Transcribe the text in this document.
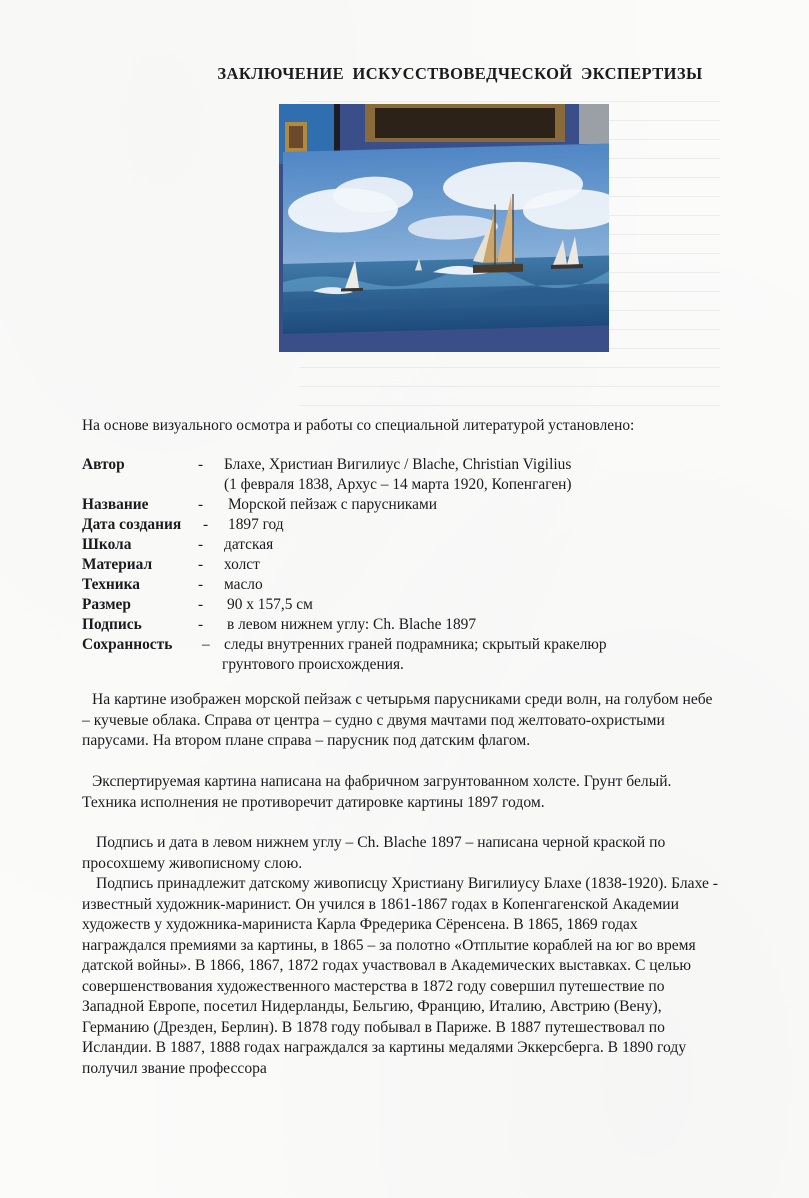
ЗАКЛЮЧЕНИЕ ИСКУССТВОВЕДЧЕСКОЙ ЭКСПЕРТИЗЫ

На основе визуального осмотра и работы со специальной литературой установлено:

Автор	- Блахе, Христиан Вигилиус / Blache, Christian Vigilius
(1 февраля 1838, Архус – 14 марта 1920, Копенгаген)
Название	- Морской пейзаж с парусниками
Дата создания - 1897 год
Школа	- датская
Материал	- холст
Техника	- масло
Размер	- 90 х 157,5 см
Подпись	- в левом нижнем углу: Ch. Blache 1897
Сохранность – следы внутренних граней подрамника; скрытый кракелюр
грунтового происхождения.

На картине изображен морской пейзаж с четырьмя парусниками среди волн, на голубом небе – кучевые облака. Справа от центра – судно с двумя мачтами под желтовато-охристыми парусами. На втором плане справа – парусник под датским флагом.

Экспертируемая картина написана на фабричном загрунтованном холсте. Грунт белый. Техника исполнения не противоречит датировке картины 1897 годом.

Подпись и дата в левом нижнем углу – Ch. Blache 1897 – написана черной краской по просохшему живописному слою.

Подпись принадлежит датскому живописцу Христиану Вигилиусу Блахе (1838-1920). Блахе - известный художник-маринист. Он учился в 1861-1867 годах в Копенгагенской Академии художеств у художника-мариниста Карла Фредерика Сёренсена. В 1865, 1869 годах награждался премиями за картины, в 1865 – за полотно «Отплытие кораблей на юг во время датской войны». В 1866, 1867, 1872 годах участвовал в Академических выставках. С целью совершенствования художественного мастерства в 1872 году совершил путешествие по Западной Европе, посетил Нидерланды, Бельгию, Францию, Италию, Австрию (Вену), Германию (Дрезден, Берлин). В 1878 году побывал в Париже. В 1887 путешествовал по Исландии. В 1887, 1888 годах награждался за картины медалями Эккерсберга. В 1890 году получил звание профессора
